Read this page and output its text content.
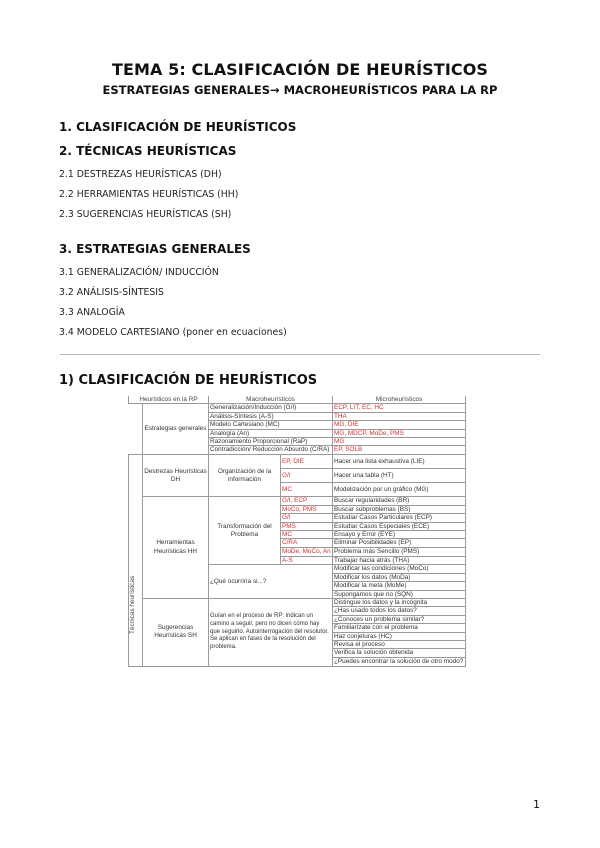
TEMA 5: CLASIFICACIÓN DE HEURÍSTICOS
ESTRATEGIAS GENERALES→ MACROHEURÍSTICOS PARA LA RP
1. CLASIFICACIÓN DE HEURÍSTICOS
2. TÉCNICAS HEURÍSTICAS
2.1 DESTREZAS HEURÍSTICAS (DH)
2.2 HERRAMIENTAS HEURÍSTICAS (HH)
2.3 SUGERENCIAS HEURÍSTICAS (SH)
3. ESTRATEGIAS GENERALES
3.1 GENERALIZACIÓN/ INDUCCIÓN
3.2 ANÁLISIS-SÍNTESIS
3.3 ANALOGÍA
3.4 MODELO CARTESIANO (poner en ecuaciones)
1) CLASIFICACIÓN DE HEURÍSTICOS
Técnicas heurísticas
Heurísticos en la RP		Macroheurísticos		Microheurísticos
	Estrategias generales	Generalización/Inducción (G/I)		ECP, LIT, EC, HC
		Análisis-Síntesis (A-S)		THA
		Modelo Cartesiano (MC)		MG, DIE
		Analogía (An)		MG, MDCP, MoDe, PMS
		Razonamiento Proporcional (RaP)		MG
		Contradicción/ Reducción Absurdo (C/RA)		EP, SOLB

	Destrezas Heurísticas DH	Organización de la información	EP, DIE	Hacer una lista exhaustiva (LIE)
			G/I	Hacer una tabla (HT)
			MC	Modelización por un gráfico (MG)
	Herramientas Heurísticas HH	Transformación del Problema	G/I, ECP	Buscar regularidades (BR)
			MoCo, PMS	Buscar subproblemas (BS)
			G/I	Estudiar Casos Particulares (ECP)
			PMS	Estudiar Casos Especiales (ECE)
			MC	Ensayo y Error (EYE)
			C/RA	Eliminar Posibilidades (EP)
			MoDe, MoCo, An	Problema más Sencillo (PMS)
			A-S	Trabajar hacia atrás (THA)
		¿Qué ocurriría si...?		Modificar las condiciones (MoCo)
				Modificar los datos (MoDa)
				Modificar la meta (MoMe)
				Supongamos que no (SQN)
	Sugerencias Heurísticas SH	Guían en el proceso de RP: indican un camino a seguir, pero no dicen cómo hay que seguirlo. Autointerrogación del resolutor. Se aplican en fases de la resolución del problema.		Distingue los datos y la incógnita
				¿Has usado todos los datos?
				¿Conoces un problema similar?
				Familiarízate con el problema
				Haz conjeturas (HC)
				Revisa el proceso
				Verifica la solución obtenida
				¿Puedes encontrar la solución de otro modo?
1
